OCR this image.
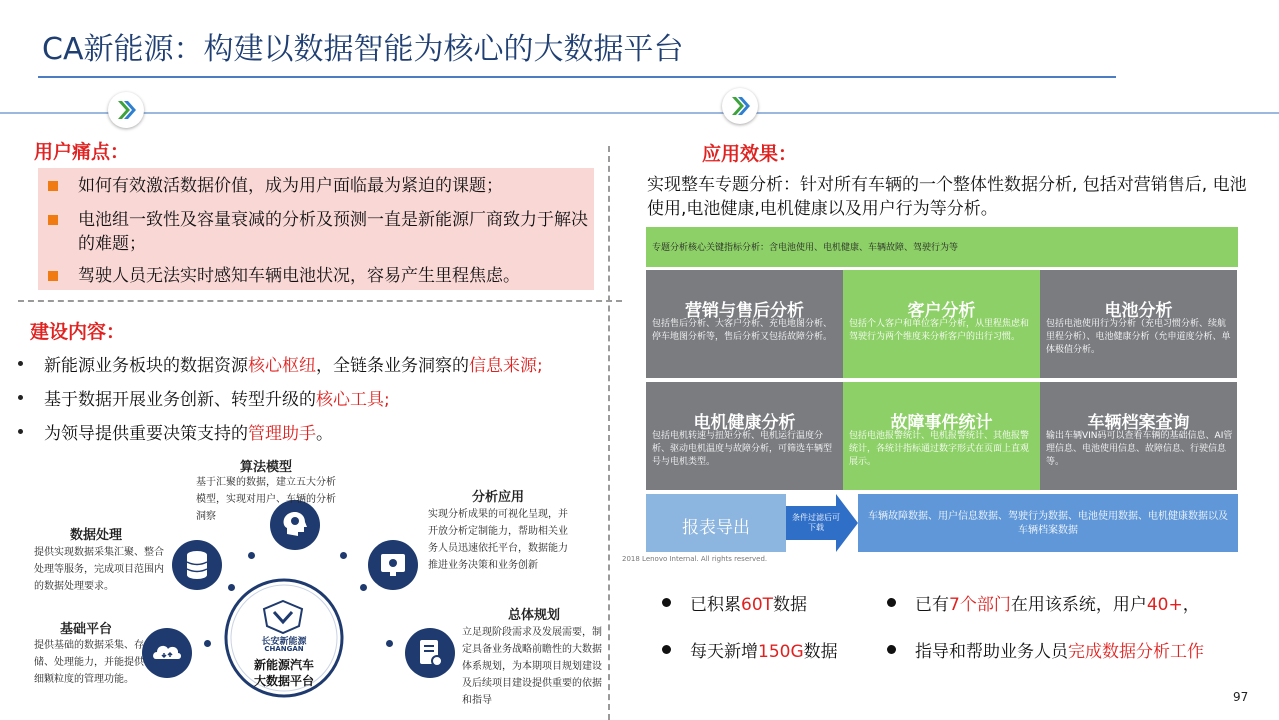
CA新能源：构建以数据智能为核心的大数据平台
用户痛点：
如何有效激活数据价值，成为用户面临最为紧迫的课题；
电池组一致性及容量衰减的分析及预测一直是新能源厂商致力于解决的难题；
驾驶人员无法实时感知车辆电池状况，容易产生里程焦虑。
建设内容：
新能源业务板块的数据资源核心枢纽，全链条业务洞察的信息来源;
基于数据开展业务创新、转型升级的核心工具;
为领导提供重要决策支持的管理助手。
长安新能源
CHANGAN
新能源汽车
大数据平台
算法模型
基于汇聚的数据，建立五大分析模型，实现对用户、车辆的分析洞察
分析应用
实现分析成果的可视化呈现，并开放分析定制能力，帮助相关业务人员迅速依托平台，数据能力推进业务决策和业务创新
总体规划
立足现阶段需求及发展需要，制定具备业务战略前瞻性的大数据体系规划，为本期项目规划建设及后续项目建设提供重要的依据和指导
数据处理
提供实现数据采集汇聚、整合处理等服务，完成项目范围内的数据处理要求。
基础平台
提供基础的数据采集、存储、处理能力，并能提供细颗粒度的管理功能。
应用效果：
实现整车专题分析：针对所有车辆的一个整体性数据分析, 包括对营销售后, 电池使用,电池健康,电机健康以及用户行为等分析。
专题分析核心关键指标分析：含电池使用、电机健康、车辆故障、驾驶行为等
营销与售后分析
包括售后分析、大客户分析、充电地图分析、停车地图分析等，售后分析又包括故障分析。
客户分析
包括个人客户和单位客户分析，从里程焦虑和驾驶行为两个维度来分析客户的出行习惯。
电池分析
包括电池使用行为分析（充电习惯分析、续航里程分析）、电池健康分析（允申道度分析、单体极值分析。
电机健康分析
包括电机转速与扭矩分析、电机运行温度分析、驱动电机温度与故障分析，可筛选车辆型号与电机类型。
故障事件统计
包括电池报警统计、电机报警统计、其他报警统计，各统计指标通过数字形式在页面上直观展示。
车辆档案查询
输出车辆VIN码可以查看车辆的基础信息、AI管理信息、电池使用信息、故障信息、行驶信息等。
报表导出
条件过滤后可下载
车辆故障数据、用户信息数据、驾驶行为数据、电池使用数据、电机健康数据以及车辆档案数据
2018 Lenovo Internal. All rights reserved.
已积累60T数据	已有7个部门在用该系统，用户40+，
每天新增150G数据	指导和帮助业务人员完成数据分析工作
97
